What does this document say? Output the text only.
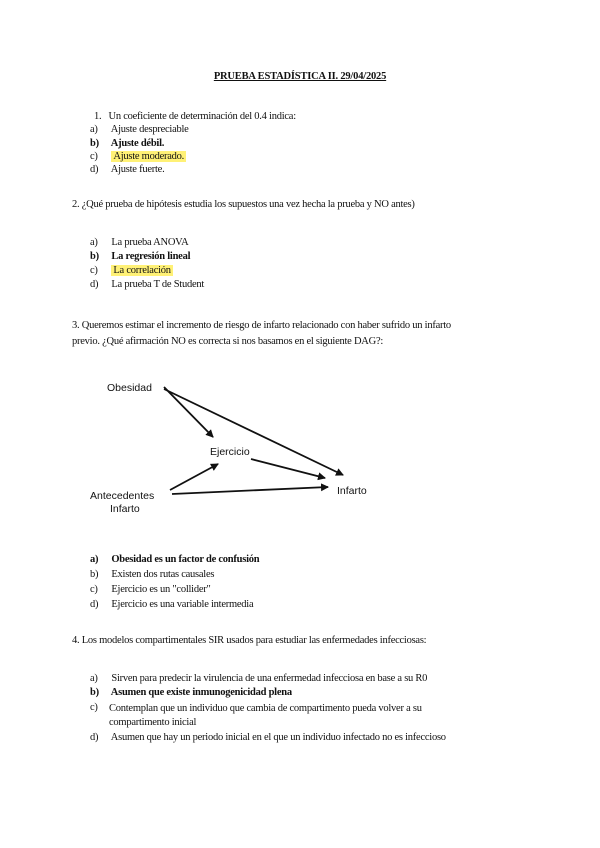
PRUEBA ESTADÍSTICA II. 29/04/2025
1. Un coeficiente de determinación del 0.4 indica:
a) Ajuste despreciable
b) Ajuste débil.
c) Ajuste moderado.
d) Ajuste fuerte.
2. ¿Qué prueba de hipótesis estudia los supuestos una vez hecha la prueba y NO antes)
a) La prueba ANOVA
b) La regresión lineal
c) La correlación
d) La prueba T de Student
3. Queremos estimar el incremento de riesgo de infarto relacionado con haber sufrido un infarto
previo. ¿Qué afirmación NO es correcta si nos basamos en el siguiente DAG?:
Obesidad
Ejercicio
Antecedentes
Infarto
Infarto
a) Obesidad es un factor de confusión
b) Existen dos rutas causales
c) Ejercicio es un "collider"
d) Ejercicio es una variable intermedia
4. Los modelos compartimentales SIR usados para estudiar las enfermedades infecciosas:
a) Sirven para predecir la virulencia de una enfermedad infecciosa en base a su R0
b) Asumen que existe inmunogenicidad plena
c)	Contemplan que un individuo que cambia de compartimento pueda volver a su compartimento inicial
d) Asumen que hay un periodo inicial en el que un individuo infectado no es infeccioso
